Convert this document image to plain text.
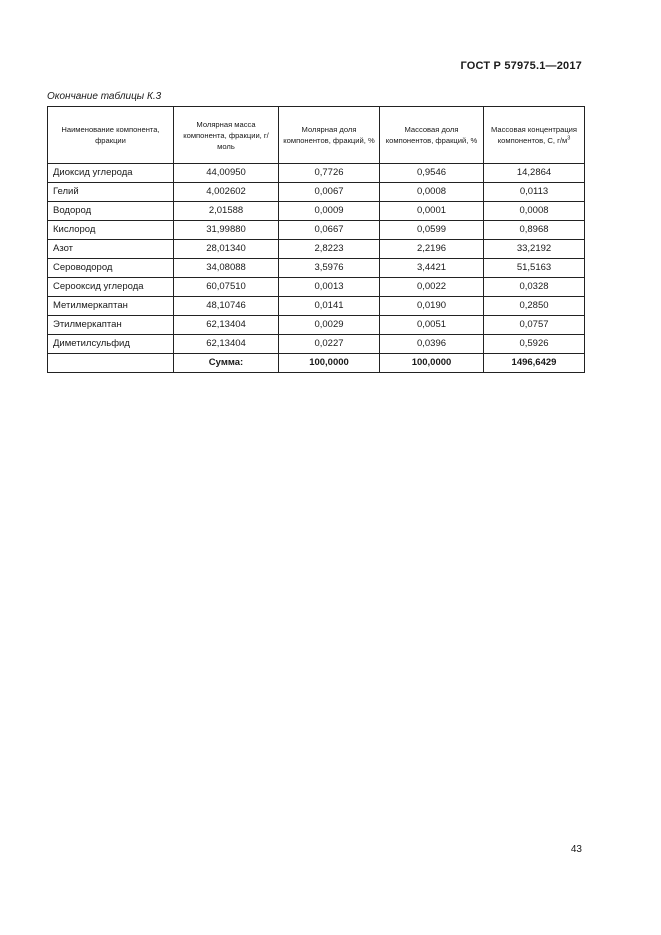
ГОСТ Р 57975.1—2017
Окончание таблицы К.3
Наименование компонента, фракции	Молярная масса компонента, фракции, г/моль	Молярная доля компонентов, фракций, %	Массовая доля компонентов, фракций, %	Массовая концентрация компонентов, C, $г/м^3$
Диоксид углерода	44,00950	0,7726	0,9546	14,2864
Гелий	4,002602	0,0067	0,0008	0,0113
Водород	2,01588	0,0009	0,0001	0,0008
Кислород	31,99880	0,0667	0,0599	0,8968
Азот	28,01340	2,8223	2,2196	33,2192
Сероводород	34,08088	3,5976	3,4421	51,5163
Серооксид углерода	60,07510	0,0013	0,0022	0,0328
Метилмеркаптан	48,10746	0,0141	0,0190	0,2850
Этилмеркаптан	62,13404	0,0029	0,0051	0,0757
Диметилсульфид	62,13404	0,0227	0,0396	0,5926
	Сумма:	100,0000	100,0000	1496,6429
43
